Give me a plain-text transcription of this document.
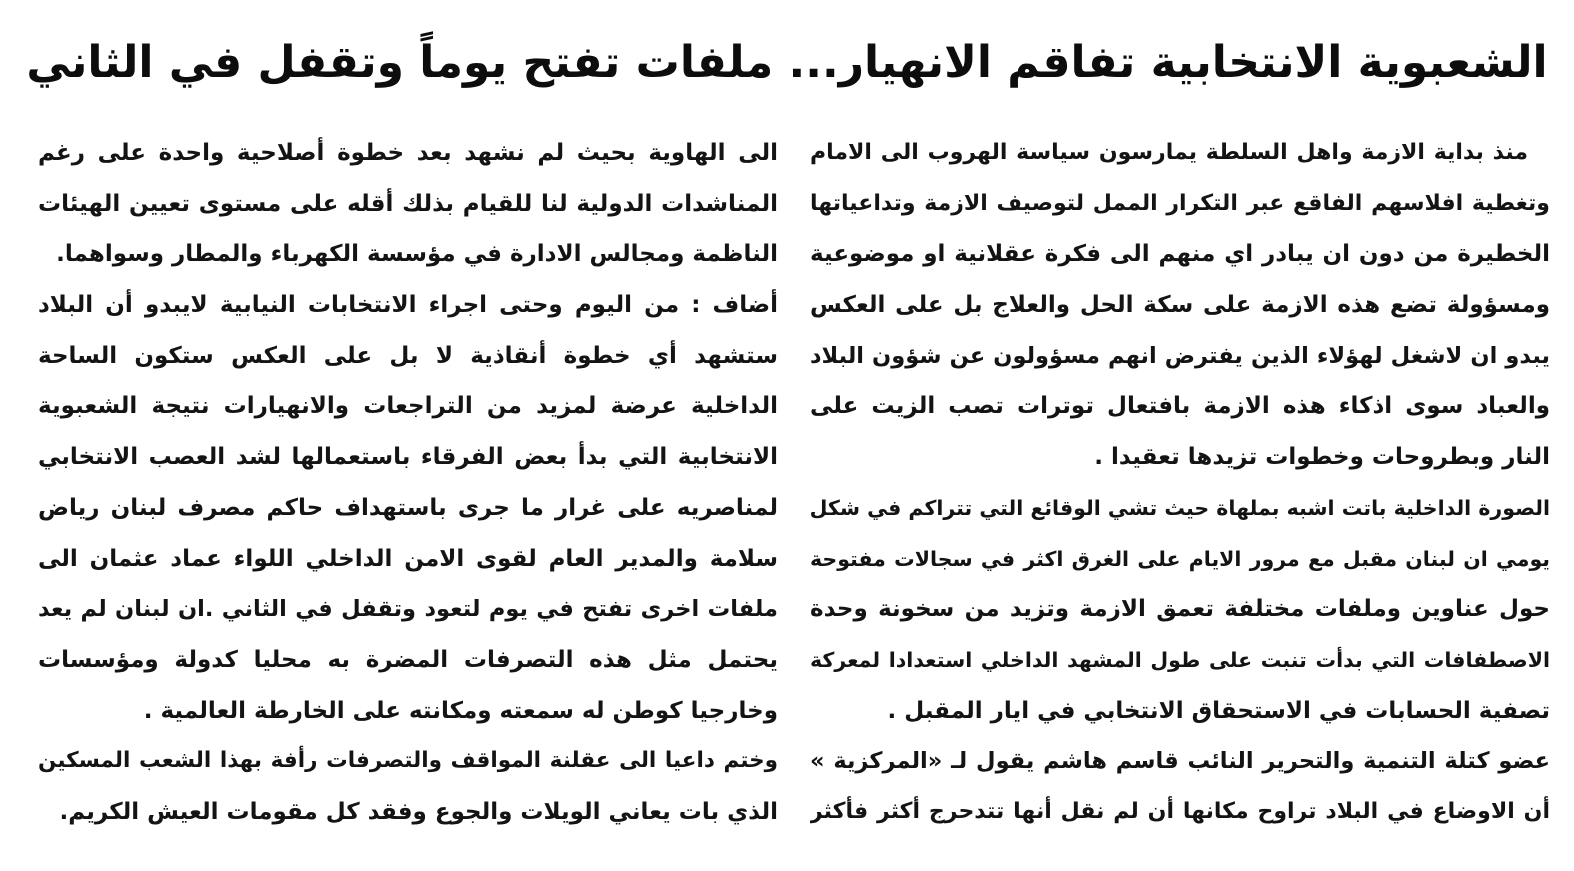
الشعبوية الانتخابية تفاقم الانهيار... ملفات تفتح يوماً وتقفل في الثاني
منذ بداية الازمة واهل السلطة يمارسون سياسة الهروب الى الامام
وتغطية افلاسهم الفاقع عبر التكرار الممل لتوصيف الازمة وتداعياتها
الخطيرة من دون ان يبادر اي منهم الى فكرة عقلانية او موضوعية
ومسؤولة تضع هذه الازمة على سكة الحل والعلاج بل على العكس
يبدو ان لاشغل لهؤلاء الذين يفترض انهم مسؤولون عن شؤون البلاد
والعباد سوى اذكاء هذه الازمة بافتعال توترات تصب الزيت على
النار وبطروحات وخطوات تزيدها تعقيدا .
الصورة الداخلية باتت اشبه بملهاة حيث تشي الوقائع التي تتراكم في شكل
يومي ان لبنان مقبل مع مرور الايام على الغرق اكثر في سجالات مفتوحة
حول عناوين وملفات مختلفة تعمق الازمة وتزيد من سخونة وحدة
الاصطفافات التي بدأت تنبت على طول المشهد الداخلي استعدادا لمعركة
تصفية الحسابات في الاستحقاق الانتخابي في ايار المقبل .
عضو كتلة التنمية والتحرير النائب قاسم هاشم يقول لـ «المركزية »
أن الاوضاع في البلاد تراوح مكانها أن لم نقل أنها تتدحرج أكثر فأكثر
الى الهاوية بحيث لم نشهد بعد خطوة أصلاحية واحدة على رغم
المناشدات الدولية لنا للقيام بذلك أقله على مستوى تعيين الهيئات
الناظمة ومجالس الادارة في مؤسسة الكهرباء والمطار وسواهما.
أضاف : من اليوم وحتى اجراء الانتخابات النيابية لايبدو أن البلاد
ستشهد أي خطوة أنقاذية لا بل على العكس ستكون الساحة
الداخلية عرضة لمزيد من التراجعات والانهيارات نتيجة الشعبوية
الانتخابية التي بدأ بعض الفرقاء باستعمالها لشد العصب الانتخابي
لمناصريه على غرار ما جرى باستهداف حاكم مصرف لبنان رياض
سلامة والمدير العام لقوى الامن الداخلي اللواء عماد عثمان الى
ملفات اخرى تفتح في يوم لتعود وتقفل في الثاني .ان لبنان لم يعد
يحتمل مثل هذه التصرفات المضرة به محليا كدولة ومؤسسات
وخارجيا كوطن له سمعته ومكانته على الخارطة العالمية .
وختم داعيا الى عقلنة المواقف والتصرفات رأفة بهذا الشعب المسكين
الذي بات يعاني الويلات والجوع وفقد كل مقومات العيش الكريم.
